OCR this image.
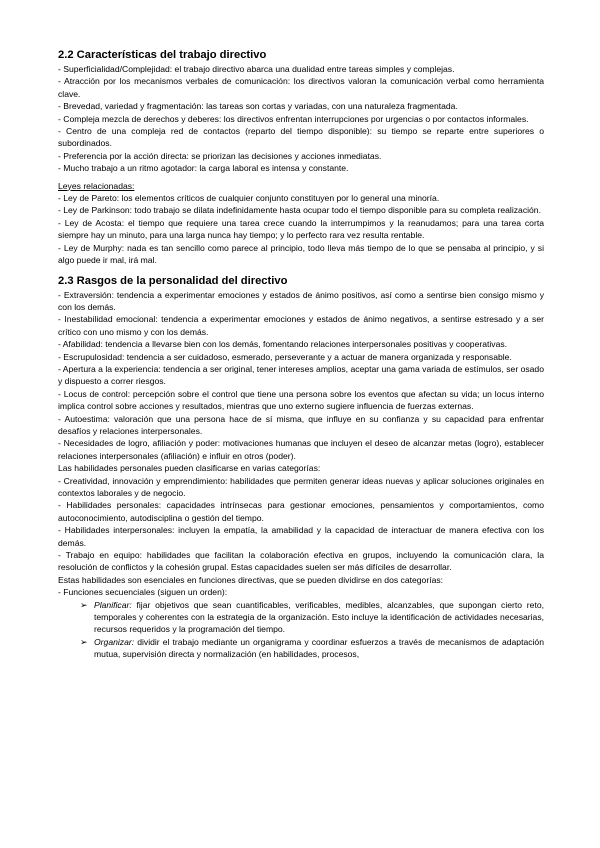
2.2 Características del trabajo directivo

- Superficialidad/Complejidad: el trabajo directivo abarca una dualidad entre tareas simples y complejas.

- Atracción por los mecanismos verbales de comunicación: los directivos valoran la comunicación verbal como herramienta clave.

- Brevedad, variedad y fragmentación: las tareas son cortas y variadas, con una naturaleza fragmentada.

- Compleja mezcla de derechos y deberes: los directivos enfrentan interrupciones por urgencias o por contactos informales.

- Centro de una compleja red de contactos (reparto del tiempo disponible): su tiempo se reparte entre superiores o subordinados.

- Preferencia por la acción directa: se priorizan las decisiones y acciones inmediatas.

- Mucho trabajo a un ritmo agotador: la carga laboral es intensa y constante.

Leyes relacionadas:

- Ley de Pareto: los elementos críticos de cualquier conjunto constituyen por lo general una minoría.

- Ley de Parkinson: todo trabajo se dilata indefinidamente hasta ocupar todo el tiempo disponible para su completa realización.

- Ley de Acosta: el tiempo que requiere una tarea crece cuando la interrumpimos y la reanudamos; para una tarea corta siempre hay un minuto, para una larga nunca hay tiempo; y lo perfecto rara vez resulta rentable.

- Ley de Murphy: nada es tan sencillo como parece al principio, todo lleva más tiempo de lo que se pensaba al principio, y si algo puede ir mal, irá mal.

2.3 Rasgos de la personalidad del directivo

- Extraversión: tendencia a experimentar emociones y estados de ánimo positivos, así como a sentirse bien consigo mismo y con los demás.

- Inestabilidad emocional: tendencia a experimentar emociones y estados de ánimo negativos, a sentirse estresado y a ser crítico con uno mismo y con los demás.

- Afabilidad: tendencia a llevarse bien con los demás, fomentando relaciones interpersonales positivas y cooperativas.

- Escrupulosidad: tendencia a ser cuidadoso, esmerado, perseverante y a actuar de manera organizada y responsable.

- Apertura a la experiencia: tendencia a ser original, tener intereses amplios, aceptar una gama variada de estímulos, ser osado y dispuesto a correr riesgos.

- Locus de control: percepción sobre el control que tiene una persona sobre los eventos que afectan su vida; un locus interno implica control sobre acciones y resultados, mientras que uno externo sugiere influencia de fuerzas externas.

- Autoestima: valoración que una persona hace de sí misma, que influye en su confianza y su capacidad para enfrentar desafíos y relaciones interpersonales.

- Necesidades de logro, afiliación y poder: motivaciones humanas que incluyen el deseo de alcanzar metas (logro), establecer relaciones interpersonales (afiliación) e influir en otros (poder).

Las habilidades personales pueden clasificarse en varias categorías:

- Creatividad, innovación y emprendimiento: habilidades que permiten generar ideas nuevas y aplicar soluciones originales en contextos laborales y de negocio.

- Habilidades personales: capacidades intrínsecas para gestionar emociones, pensamientos y comportamientos, como autoconocimiento, autodisciplina o gestión del tiempo.

- Habilidades interpersonales: incluyen la empatía, la amabilidad y la capacidad de interactuar de manera efectiva con los demás.

- Trabajo en equipo: habilidades que facilitan la colaboración efectiva en grupos, incluyendo la comunicación clara, la resolución de conflictos y la cohesión grupal. Estas capacidades suelen ser más difíciles de desarrollar.

Estas habilidades son esenciales en funciones directivas, que se pueden dividirse en dos categorías:

- Funciones secuenciales (siguen un orden):

➢ Planificar: fijar objetivos que sean cuantificables, verificables, medibles, alcanzables, que supongan cierto reto, temporales y coherentes con la estrategia de la organización. Esto incluye la identificación de actividades necesarias, recursos requeridos y la programación del tiempo.
➢ Organizar: dividir el trabajo mediante un organigrama y coordinar esfuerzos a través de mecanismos de adaptación mutua, supervisión directa y normalización (en habilidades, procesos,
